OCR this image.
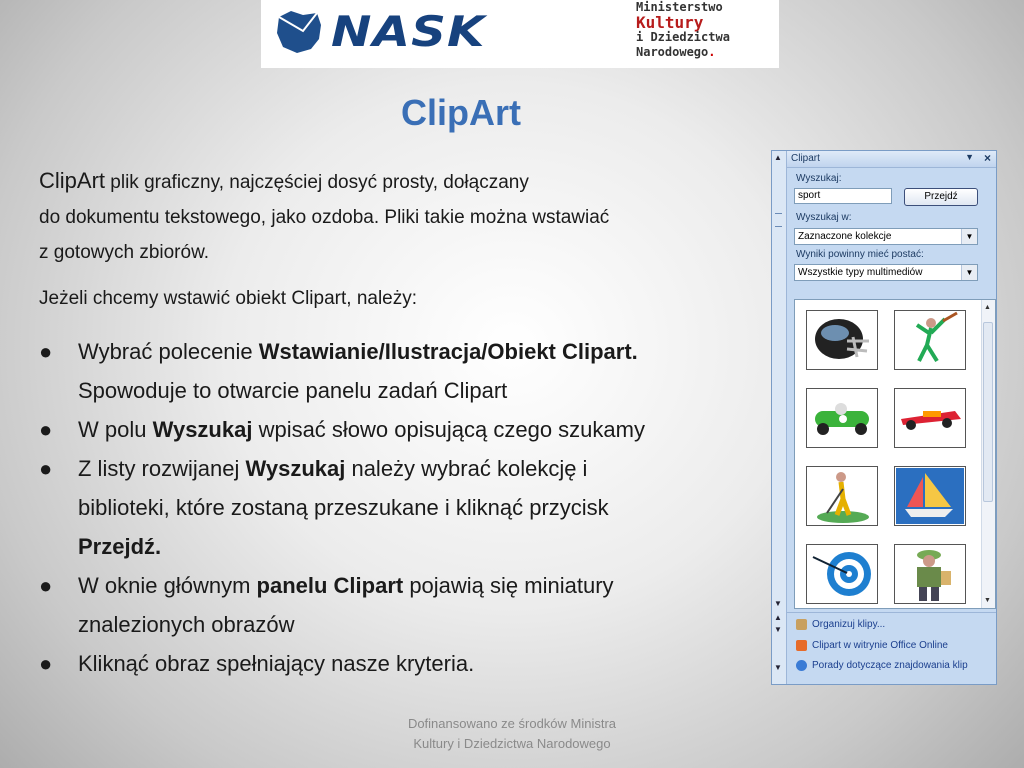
NASK	Ministerstwo
Kultury
i Dziedzictwa
Narodowego.
ClipArt
ClipArt plik graficzny, najczęściej dosyć prosty, dołączany
do dokumentu tekstowego, jako ozdoba. Pliki takie można wstawiać
z gotowych zbiorów.
Jeżeli chcemy wstawić obiekt Clipart, należy:
● Wybrać polecenie Wstawianie/Ilustracja/Obiekt Clipart.
Spowoduje to otwarcie panelu zadań Clipart
● W polu Wyszukaj wpisać słowo opisującą czego szukamy
● Z listy rozwijanej Wyszukaj należy wybrać kolekcję i
biblioteki, które zostaną przeszukane i kliknąć przycisk
Przejdź.
● W oknie głównym panelu Clipart pojawią się miniatury
znalezionych obrazów
● Kliknąć obraz spełniający nasze kryteria.
Dofinansowano ze środków Ministra
Kultury i Dziedzictwa Narodowego
▲
▼
▲
▼
▼
Clipart	▼ ×
Wyszukaj:
sport	Przejdź
Wyszukaj w:
Zaznaczone kolekcje	▼
Wyniki powinny mieć postać:
Wszystkie typy multimediów	▼
▲
▼
Organizuj klipy...
Clipart w witrynie Office Online
Porady dotyczące znajdowania klip
